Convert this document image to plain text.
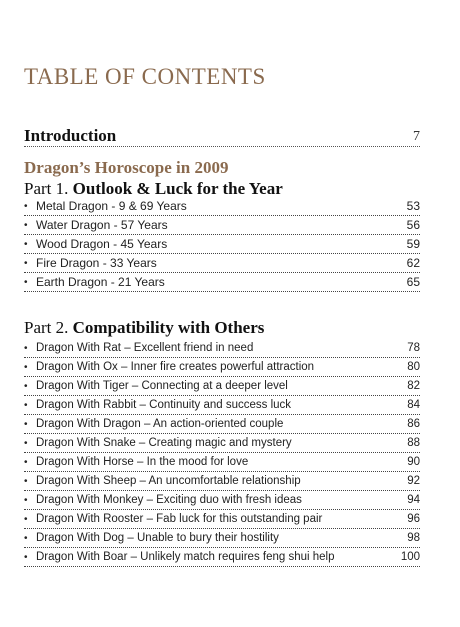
TABLE OF CONTENTS
Introduction	7
Dragon’s Horoscope in 2009
Part 1. Outlook & Luck for the Year
• Metal Dragon - 9 & 69 Years	53
• Water Dragon - 57 Years	56
• Wood Dragon - 45 Years	59
• Fire Dragon - 33 Years	62
• Earth Dragon - 21 Years	65
Part 2. Compatibility with Others
• Dragon With Rat – Excellent friend in need	78
• Dragon With Ox – Inner fire creates powerful attraction	80
• Dragon With Tiger – Connecting at a deeper level	82
• Dragon With Rabbit – Continuity and success luck	84
• Dragon With Dragon – An action-oriented couple	86
• Dragon With Snake – Creating magic and mystery	88
• Dragon With Horse – In the mood for love	90
• Dragon With Sheep – An uncomfortable relationship	92
• Dragon With Monkey – Exciting duo with fresh ideas	94
• Dragon With Rooster – Fab luck for this outstanding pair	96
• Dragon With Dog – Unable to bury their hostility	98
• Dragon With Boar – Unlikely match requires feng shui help	100
